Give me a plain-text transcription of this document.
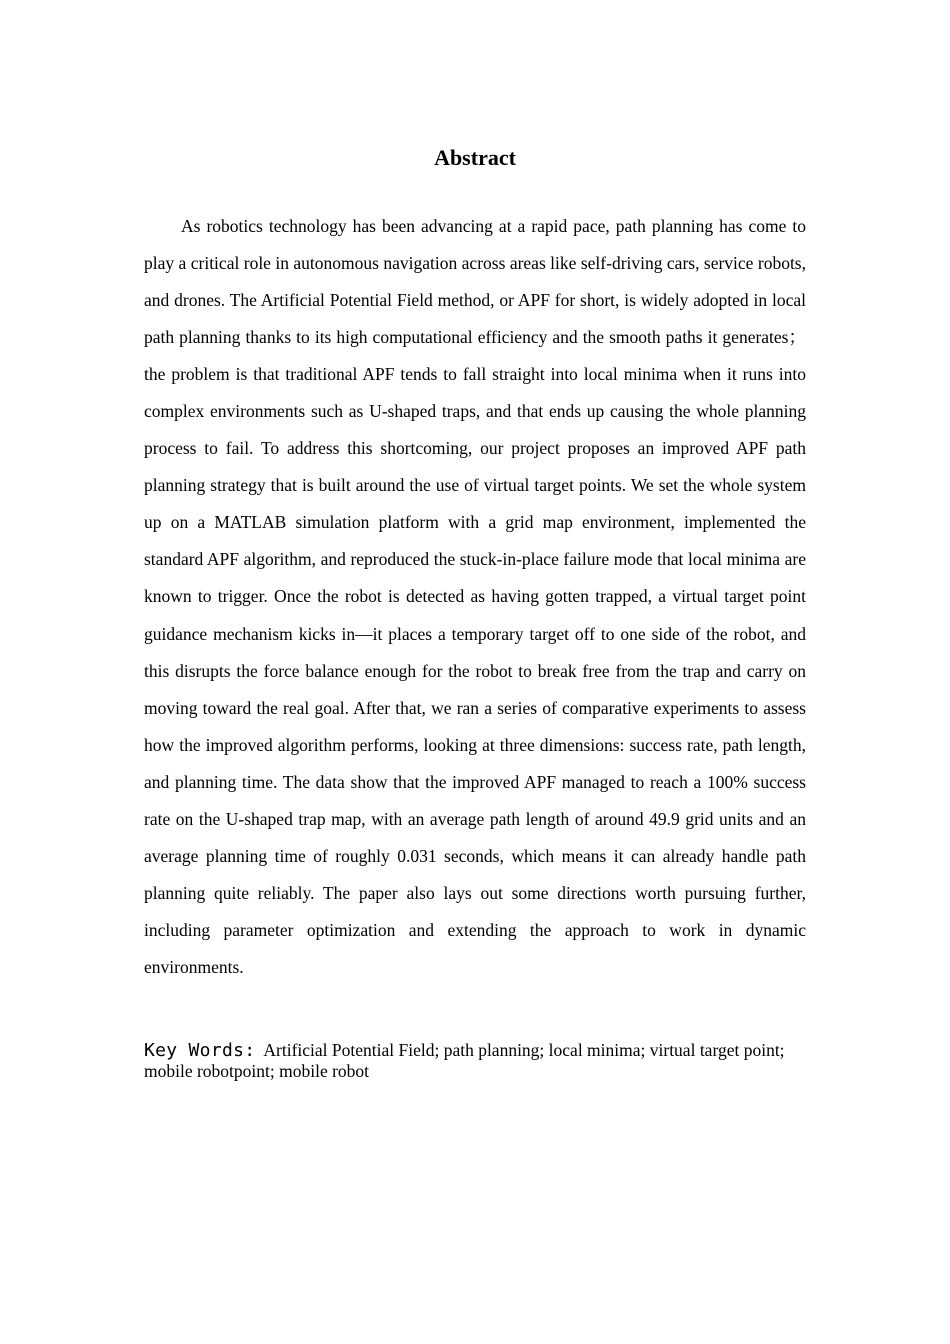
Abstract

As robotics technology has been advancing at a rapid pace, path planning has come to play a critical role in autonomous navigation across areas like self-driving cars, service robots, and drones. The Artificial Potential Field method, or APF for short, is widely adopted in local path planning thanks to its high computational efficiency and the smooth paths it generates； the problem is that traditional APF tends to fall straight into local minima when it runs into complex environments such as U-shaped traps, and that ends up causing the whole planning process to fail. To address this shortcoming, our project proposes an improved APF path planning strategy that is built around the use of virtual target points. We set the whole system up on a MATLAB simulation platform with a grid map environment, implemented the standard APF algorithm, and reproduced the stuck-in-place failure mode that local minima are known to trigger. Once the robot is detected as having gotten trapped, a virtual target point guidance mechanism kicks in—it places a temporary target off to one side of the robot, and this disrupts the force balance enough for the robot to break free from the trap and carry on moving toward the real goal. After that, we ran a series of comparative experiments to assess how the improved algorithm performs, looking at three dimensions: success rate, path length, and planning time. The data show that the improved APF managed to reach a 100% success rate on the U-shaped trap map, with an average path length of around 49.9 grid units and an average planning time of roughly 0.031 seconds, which means it can already handle path planning quite reliably. The paper also lays out some directions worth pursuing further, including parameter optimization and extending the approach to work in dynamic environments.

Key Words: Artificial Potential Field; path planning; local minima; virtual target point; mobile robotpoint; mobile robot
